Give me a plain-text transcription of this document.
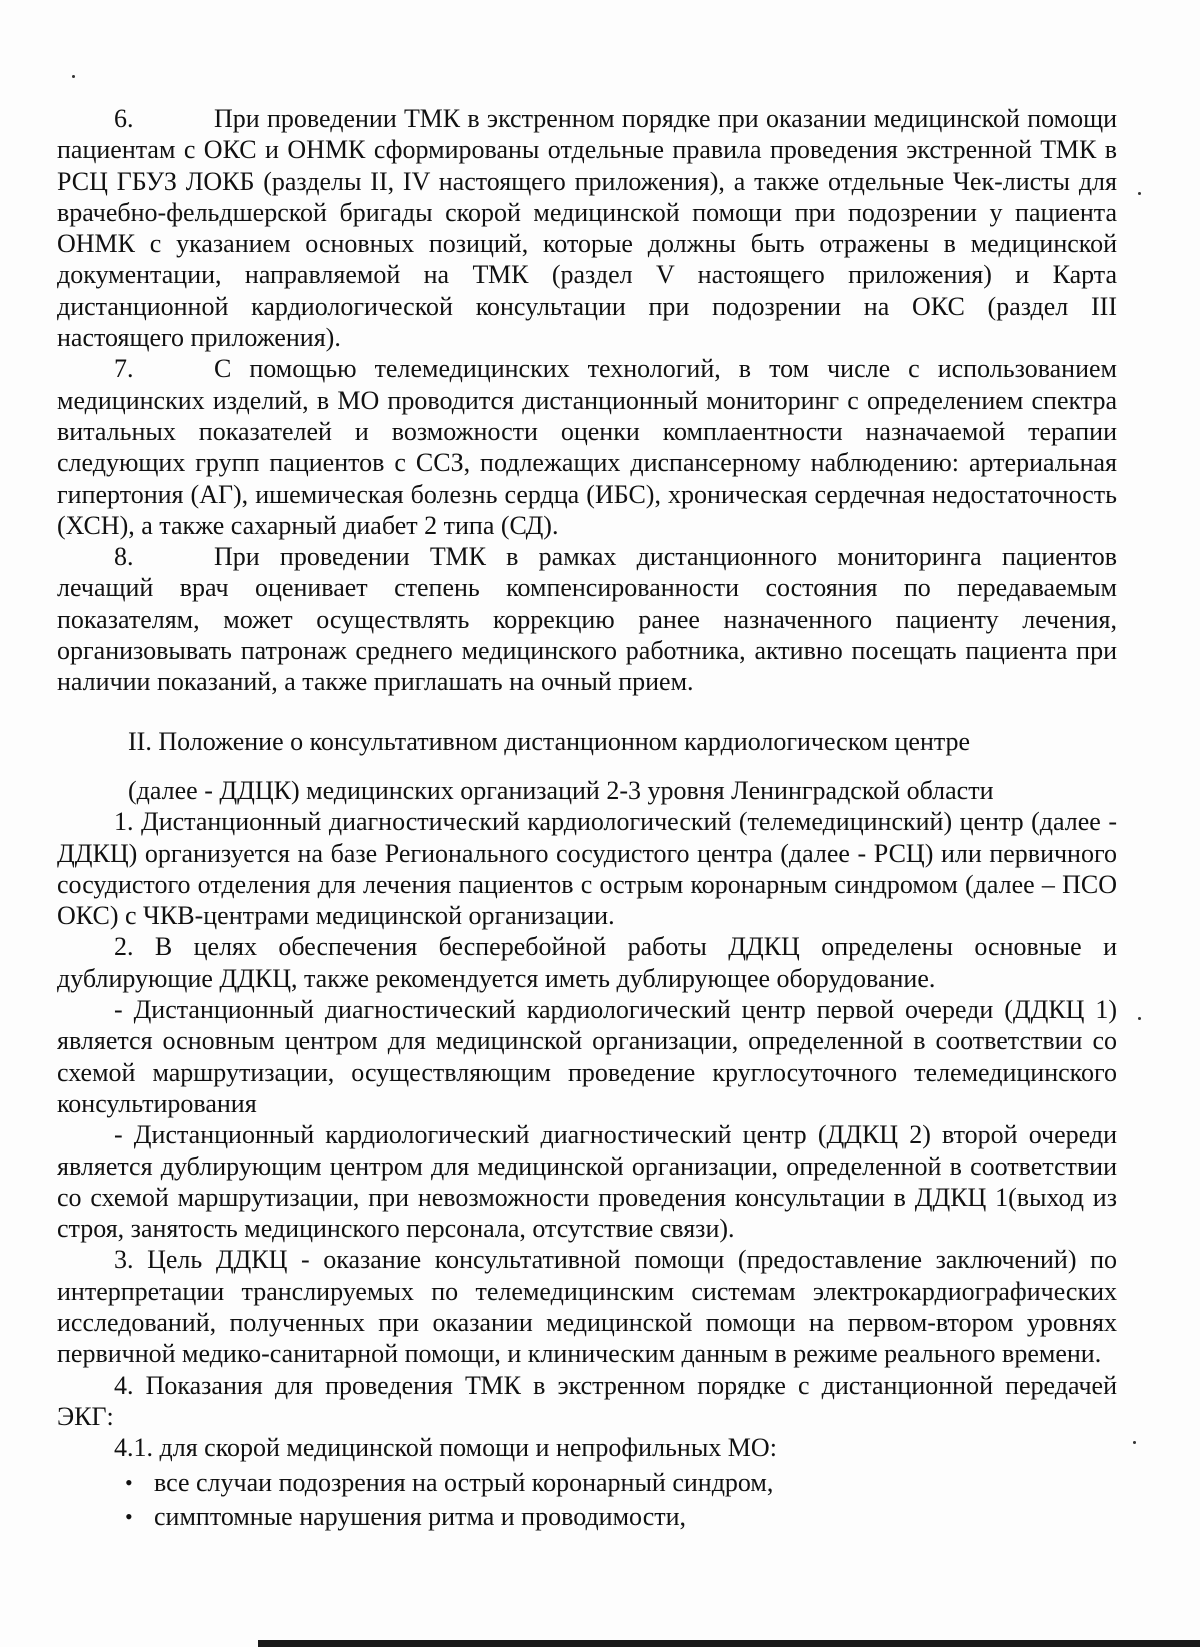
6.	При проведении ТМК в экстренном порядке при оказании медицинской помощи пациентам с ОКС и ОНМК сформированы отдельные правила проведения экстренной ТМК в РСЦ ГБУЗ ЛОКБ (разделы II, IV настоящего приложения), а также отдельные Чек-листы для врачебно-фельдшерской бригады скорой медицинской помощи при подозрении у пациента ОНМК с указанием основных позиций, которые должны быть отражены в медицинской документации, направляемой на ТМК (раздел V настоящего приложения) и Карта дистанционной кардиологической консультации при подозрении на ОКС (раздел III настоящего приложения).

7.	С помощью телемедицинских технологий, в том числе с использованием медицинских изделий, в МО проводится дистанционный мониторинг с определением спектра витальных показателей и возможности оценки комплаентности назначаемой терапии следующих групп пациентов с ССЗ, подлежащих диспансерному наблюдению: артериальная гипертония (АГ), ишемическая болезнь сердца (ИБС), хроническая сердечная недостаточность (ХСН), а также сахарный диабет 2 типа (СД).

8.	При проведении ТМК в рамках дистанционного мониторинга пациентов лечащий врач оценивает степень компенсированности состояния по передаваемым показателям, может осуществлять коррекцию ранее назначенного пациенту лечения, организовывать патронаж среднего медицинского работника, активно посещать пациента при наличии показаний, а также приглашать на очный прием.

II. Положение о консультативном дистанционном кардиологическом центре

(далее - ДДЦК) медицинских организаций 2-3 уровня Ленинградской области

1. Дистанционный диагностический кардиологический (телемедицинский) центр (далее - ДДКЦ) организуется на базе Регионального сосудистого центра (далее - РСЦ) или первичного сосудистого отделения для лечения пациентов с острым коронарным синдромом (далее – ПСО ОКС) с ЧКВ-центрами медицинской организации.

2. В целях обеспечения бесперебойной работы ДДКЦ определены основные и дублирующие ДДКЦ, также рекомендуется иметь дублирующее оборудование.

- Дистанционный диагностический кардиологический центр первой очереди (ДДКЦ 1) является основным центром для медицинской организации, определенной в соответствии со схемой маршрутизации, осуществляющим проведение круглосуточного телемедицинского консультирования

- Дистанционный кардиологический диагностический центр (ДДКЦ 2) второй очереди является дублирующим центром для медицинской организации, определенной в соответствии со схемой маршрутизации, при невозможности проведения консультации в ДДКЦ 1(выход из строя, занятость медицинского персонала, отсутствие связи).

3. Цель ДДКЦ - оказание консультативной помощи (предоставление заключений) по интерпретации транслируемых по телемедицинским системам электрокардиографических исследований, полученных при оказании медицинской помощи на первом-втором уровнях первичной медико-санитарной помощи, и клиническим данным в режиме реального времени.

4. Показания для проведения ТМК в экстренном порядке с дистанционной передачей ЭКГ:

4.1. для скорой медицинской помощи и непрофильных МО:

• все случаи подозрения на острый коронарный синдром,
• симптомные нарушения ритма и проводимости,
